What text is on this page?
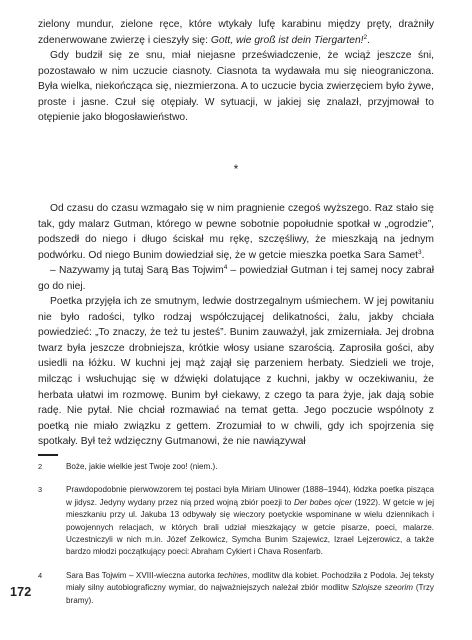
zielony mundur, zielone ręce, które wtykały lufę karabinu między pręty, drażniły zdenerwowane zwierzę i cieszyły się: Gott, wie groß ist dein Tiergarten!$^2$.

Gdy budził się ze snu, miał niejasne przeświadczenie, że wciąż jeszcze śni, pozostawało w nim uczucie ciasnoty. Ciasnota ta wydawała mu się nieograniczona. Była wielka, niekończąca się, niezmierzona. A to uczucie bycia zwierzęciem było żywe, proste i jasne. Czuł się otępiały. W sytuacji, w jakiej się znalazł, przyjmował to otępienie jako błogosławieństwo.

*

Od czasu do czasu wzmagało się w nim pragnienie czegoś wyższego. Raz stało się tak, gdy malarz Gutman, którego w pewne sobotnie popołudnie spotkał w „ogrodzie”, podszedł do niego i długo ściskał mu rękę, szczęśliwy, że mieszkają na jednym podwórku. Od niego Bunim dowiedział się, że w getcie mieszka poetka Sara Samet$^3$.

– Nazywamy ją tutaj Sarą Bas Tojwim$^4$ – powiedział Gutman i tej samej nocy zabrał go do niej.

Poetka przyjęła ich ze smutnym, ledwie dostrzegalnym uśmiechem. W jej powitaniu nie było radości, tylko rodzaj współczującej delikatności, żalu, jakby chciała powiedzieć: „To znaczy, że też tu jesteś”. Bunim zauważył, jak zmizerniała. Jej drobna twarz była jeszcze drobniejsza, krótkie włosy usiane szarością. Zaprosiła gości, aby usiedli na łóżku. W kuchni jej mąż zajął się parzeniem herbaty. Siedzieli we troje, milcząc i wsłuchując się w dźwięki dolatujące z kuchni, jakby w oczekiwaniu, że herbata ułatwi im rozmowę. Bunim był ciekawy, z czego ta para żyje, jak dają sobie radę. Nie pytał. Nie chciał rozmawiać na temat getta. Jego poczucie wspólnoty z poetką nie miało związku z gettem. Zrozumiał to w chwili, gdy ich spojrzenia się spotkały. Był też wdzięczny Gutmanowi, że nie nawiązywał

2	Boże, jakie wielkie jest Twoje zoo! (niem.).
3	Prawdopodobnie pierwowzorem tej postaci była Miriam Ulinower (1888–1944), łódzka poetka pisząca w jidysz. Jedyny wydany przez nią przed wojną zbiór poezji to Der bobes ojcer (1922). W getcie w jej mieszkaniu przy ul. Jakuba 13 odbywały się wieczory poetyckie wspominane w wielu dziennikach i powojennych relacjach, w których brali udział mieszkający w getcie pisarze, poeci, malarze. Uczestniczyli w nich m.in. Józef Zelkowicz, Symcha Bunim Szajewicz, Izrael Lejzerowicz, a także bardzo młodzi początkujący poeci: Abraham Cykiert i Chava Rosenfarb.
4	Sara Bas Tojwim – XVIII-wieczna autorka techines, modlitw dla kobiet. Pochodziła z Podola. Jej teksty miały silny autobiograficzny wymiar, do najważniejszych należał zbiór modlitw Szlojsze szeorim (Trzy bramy).
172
